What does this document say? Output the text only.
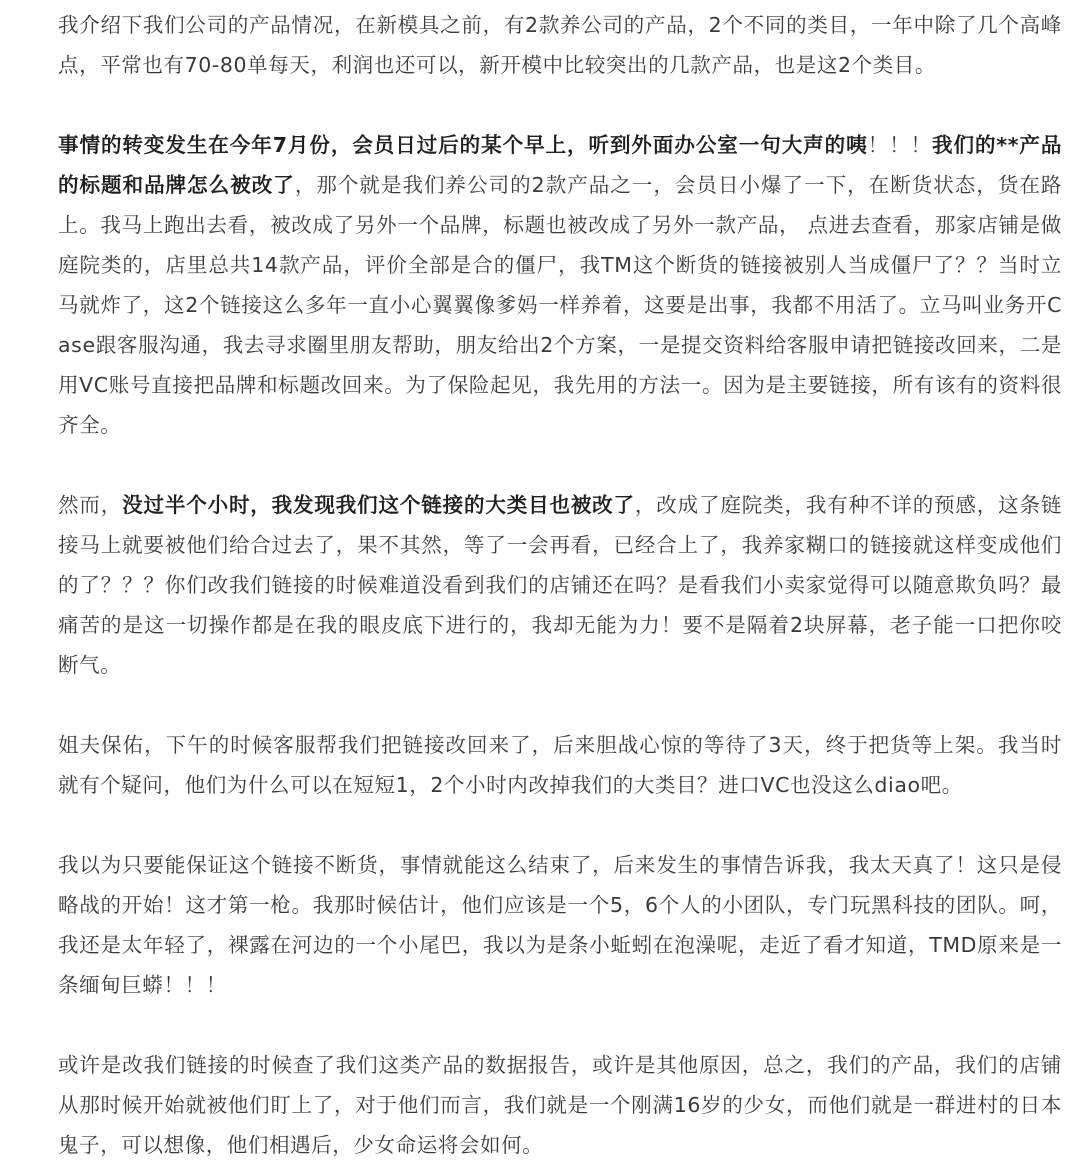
我介绍下我们公司的产品情况，在新模具之前，有2款养公司的产品，2个不同的类目，一年中除了几个高峰点，平常也有70-80单每天，利润也还可以，新开模中比较突出的几款产品，也是这2个类目。

事情的转变发生在今年7月份，会员日过后的某个早上，听到外面办公室一句大声的咦！！！我们的**产品的标题和品牌怎么被改了，那个就是我们养公司的2款产品之一，会员日小爆了一下，在断货状态，货在路上。我马上跑出去看，被改成了另外一个品牌，标题也被改成了另外一款产品， 点进去查看，那家店铺是做庭院类的，店里总共14款产品，评价全部是合的僵尸，我TM这个断货的链接被别人当成僵尸了？？当时立马就炸了，这2个链接这么多年一直小心翼翼像爹妈一样养着，这要是出事，我都不用活了。立马叫业务开Case跟客服沟通，我去寻求圈里朋友帮助，朋友给出2个方案，一是提交资料给客服申请把链接改回来，二是用VC账号直接把品牌和标题改回来。为了保险起见，我先用的方法一。因为是主要链接，所有该有的资料很齐全。

然而，没过半个小时，我发现我们这个链接的大类目也被改了，改成了庭院类，我有种不详的预感，这条链接马上就要被他们给合过去了，果不其然，等了一会再看，已经合上了，我养家糊口的链接就这样变成他们的了？？？你们改我们链接的时候难道没看到我们的店铺还在吗？是看我们小卖家觉得可以随意欺负吗？最痛苦的是这一切操作都是在我的眼皮底下进行的，我却无能为力！要不是隔着2块屏幕，老子能一口把你咬断气。

姐夫保佑，下午的时候客服帮我们把链接改回来了，后来胆战心惊的等待了3天，终于把货等上架。我当时就有个疑问，他们为什么可以在短短1，2个小时内改掉我们的大类目？进口VC也没这么diao吧。

我以为只要能保证这个链接不断货，事情就能这么结束了，后来发生的事情告诉我，我太天真了！这只是侵略战的开始！这才第一枪。我那时候估计，他们应该是一个5，6个人的小团队，专门玩黑科技的团队。呵，我还是太年轻了，裸露在河边的一个小尾巴，我以为是条小蚯蚓在泡澡呢，走近了看才知道，TMD原来是一条缅甸巨蟒！！！

或许是改我们链接的时候查了我们这类产品的数据报告，或许是其他原因，总之，我们的产品，我们的店铺从那时候开始就被他们盯上了，对于他们而言，我们就是一个刚满16岁的少女，而他们就是一群进村的日本鬼子，可以想像，他们相遇后，少女命运将会如何。
